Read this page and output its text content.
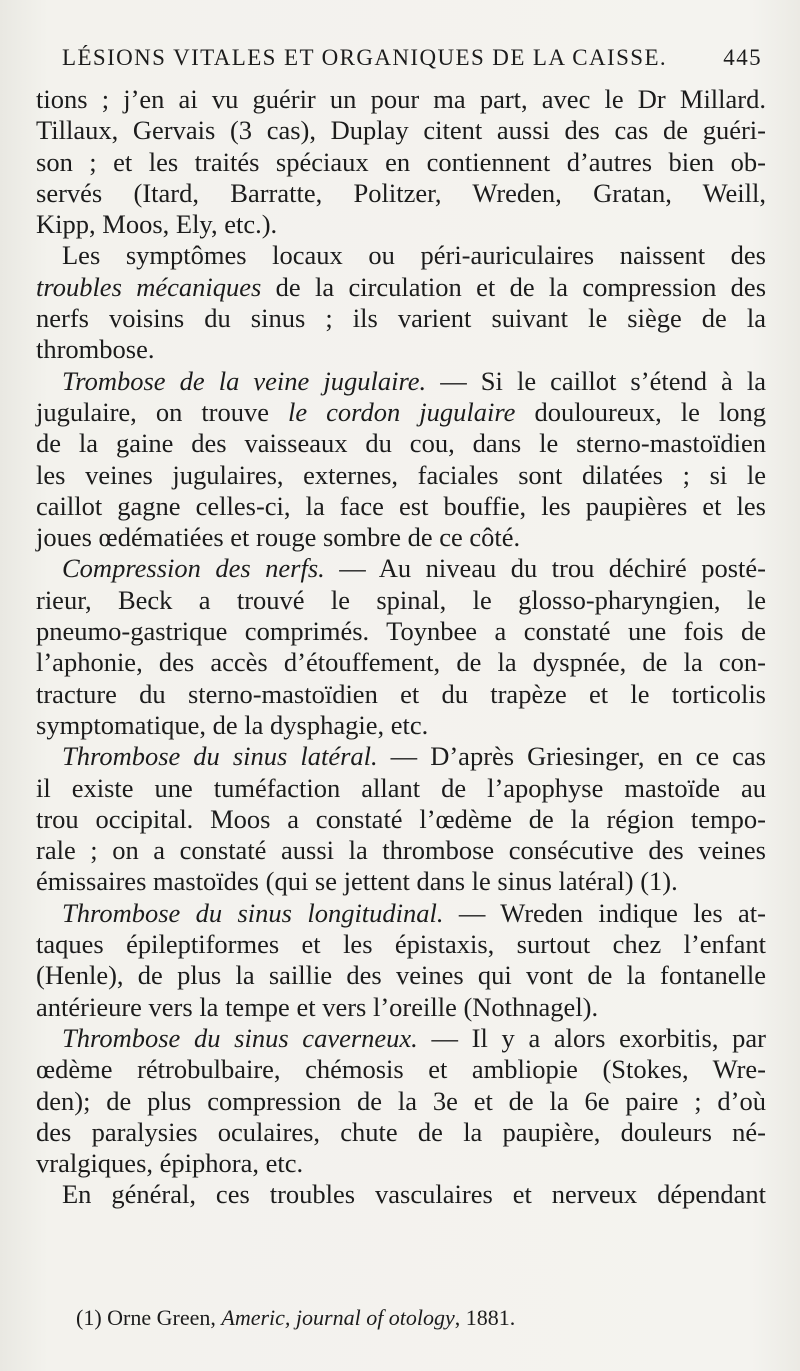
LÉSIONS VITALES ET ORGANIQUES DE LA CAISSE. 445
tions ; j’en ai vu guérir un pour ma part, avec le Dr Millard.
Tillaux, Gervais (3 cas), Duplay citent aussi des cas de guéri-
son ; et les traités spéciaux en contiennent d’autres bien ob-
servés (Itard, Barratte, Politzer, Wreden, Gratan, Weill,
Kipp, Moos, Ely, etc.).
Les symptômes locaux ou péri-auriculaires naissent des
troubles mécaniques de la circulation et de la compression des
nerfs voisins du sinus ; ils varient suivant le siège de la
thrombose.
Trombose de la veine jugulaire. — Si le caillot s’étend à la
jugulaire, on trouve le cordon jugulaire douloureux, le long
de la gaine des vaisseaux du cou, dans le sterno-mastoïdien
les veines jugulaires, externes, faciales sont dilatées ; si le
caillot gagne celles-ci, la face est bouffie, les paupières et les
joues œdématiées et rouge sombre de ce côté.
Compression des nerfs. — Au niveau du trou déchiré posté-
rieur, Beck a trouvé le spinal, le glosso-pharyngien, le
pneumo-gastrique comprimés. Toynbee a constaté une fois de
l’aphonie, des accès d’étouffement, de la dyspnée, de la con-
tracture du sterno-mastoïdien et du trapèze et le torticolis
symptomatique, de la dysphagie, etc.
Thrombose du sinus latéral. — D’après Griesinger, en ce cas
il existe une tuméfaction allant de l’apophyse mastoïde au
trou occipital. Moos a constaté l’œdème de la région tempo-
rale ; on a constaté aussi la thrombose consécutive des veines
émissaires mastoïdes (qui se jettent dans le sinus latéral) (1).
Thrombose du sinus longitudinal. — Wreden indique les at-
taques épileptiformes et les épistaxis, surtout chez l’enfant
(Henle), de plus la saillie des veines qui vont de la fontanelle
antérieure vers la tempe et vers l’oreille (Nothnagel).
Thrombose du sinus caverneux. — Il y a alors exorbitis, par
œdème rétrobulbaire, chémosis et ambliopie (Stokes, Wre-
den); de plus compression de la 3e et de la 6e paire ; d’où
des paralysies oculaires, chute de la paupière, douleurs né-
vralgiques, épiphora, etc.
En général, ces troubles vasculaires et nerveux dépendant
(1) Orne Green, Americ, journal of otology, 1881.
